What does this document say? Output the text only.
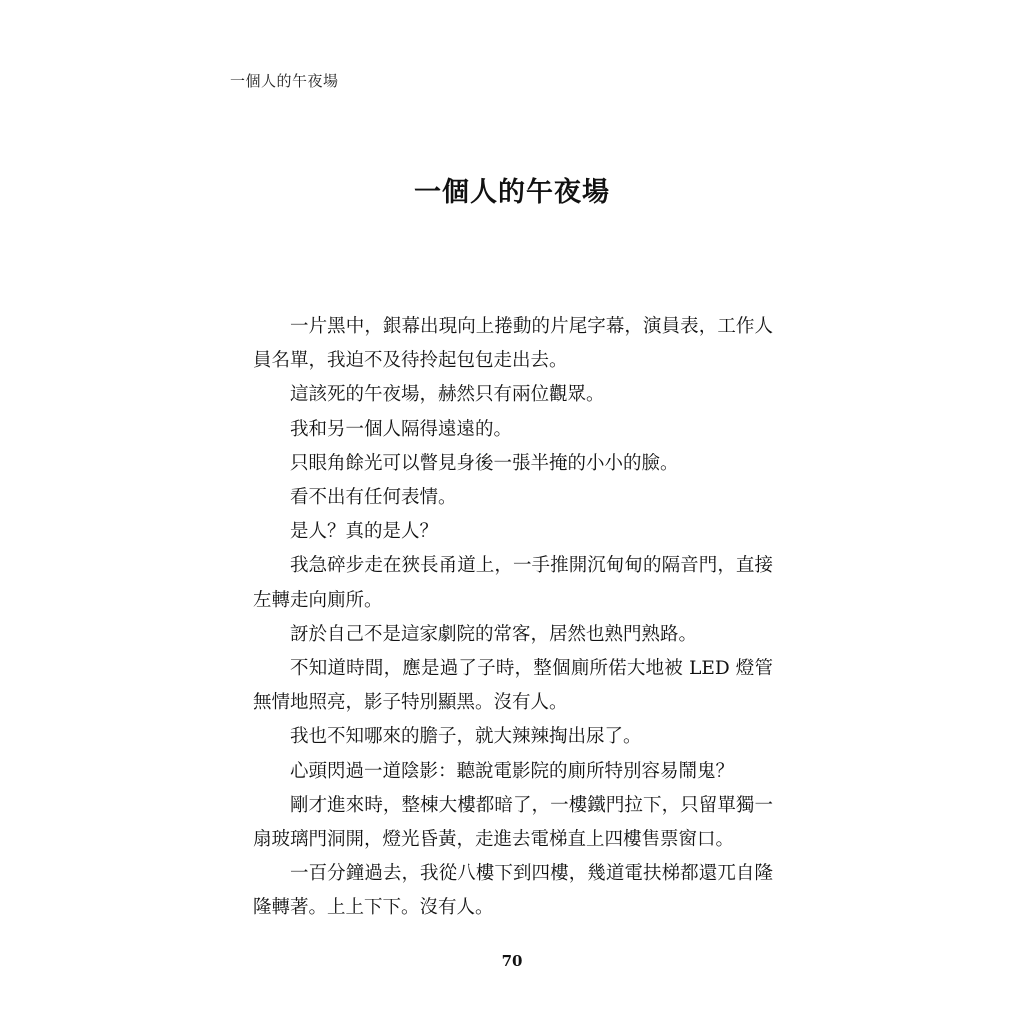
一個人的午夜場
一個人的午夜場

一片黑中，銀幕出現向上捲動的片尾字幕，演員表，工作人員名單，我迫不及待拎起包包走出去。

這該死的午夜場，赫然只有兩位觀眾。

我和另一個人隔得遠遠的。

只眼角餘光可以瞥見身後一張半掩的小小的臉。

看不出有任何表情。

是人？真的是人？

我急碎步走在狹長甬道上，一手推開沉甸甸的隔音門，直接左轉走向廁所。

訝於自己不是這家劇院的常客，居然也熟門熟路。

不知道時間，應是過了子時，整個廁所偌大地被 LED 燈管無情地照亮，影子特別顯黑。沒有人。

我也不知哪來的膽子，就大辣辣掏出尿了。

心頭閃過一道陰影：聽說電影院的廁所特別容易鬧鬼？

剛才進來時，整棟大樓都暗了，一樓鐵門拉下，只留單獨一扇玻璃門洞開，燈光昏黃，走進去電梯直上四樓售票窗口。

一百分鐘過去，我從八樓下到四樓，幾道電扶梯都還兀自隆隆轉著。上上下下。沒有人。

70
